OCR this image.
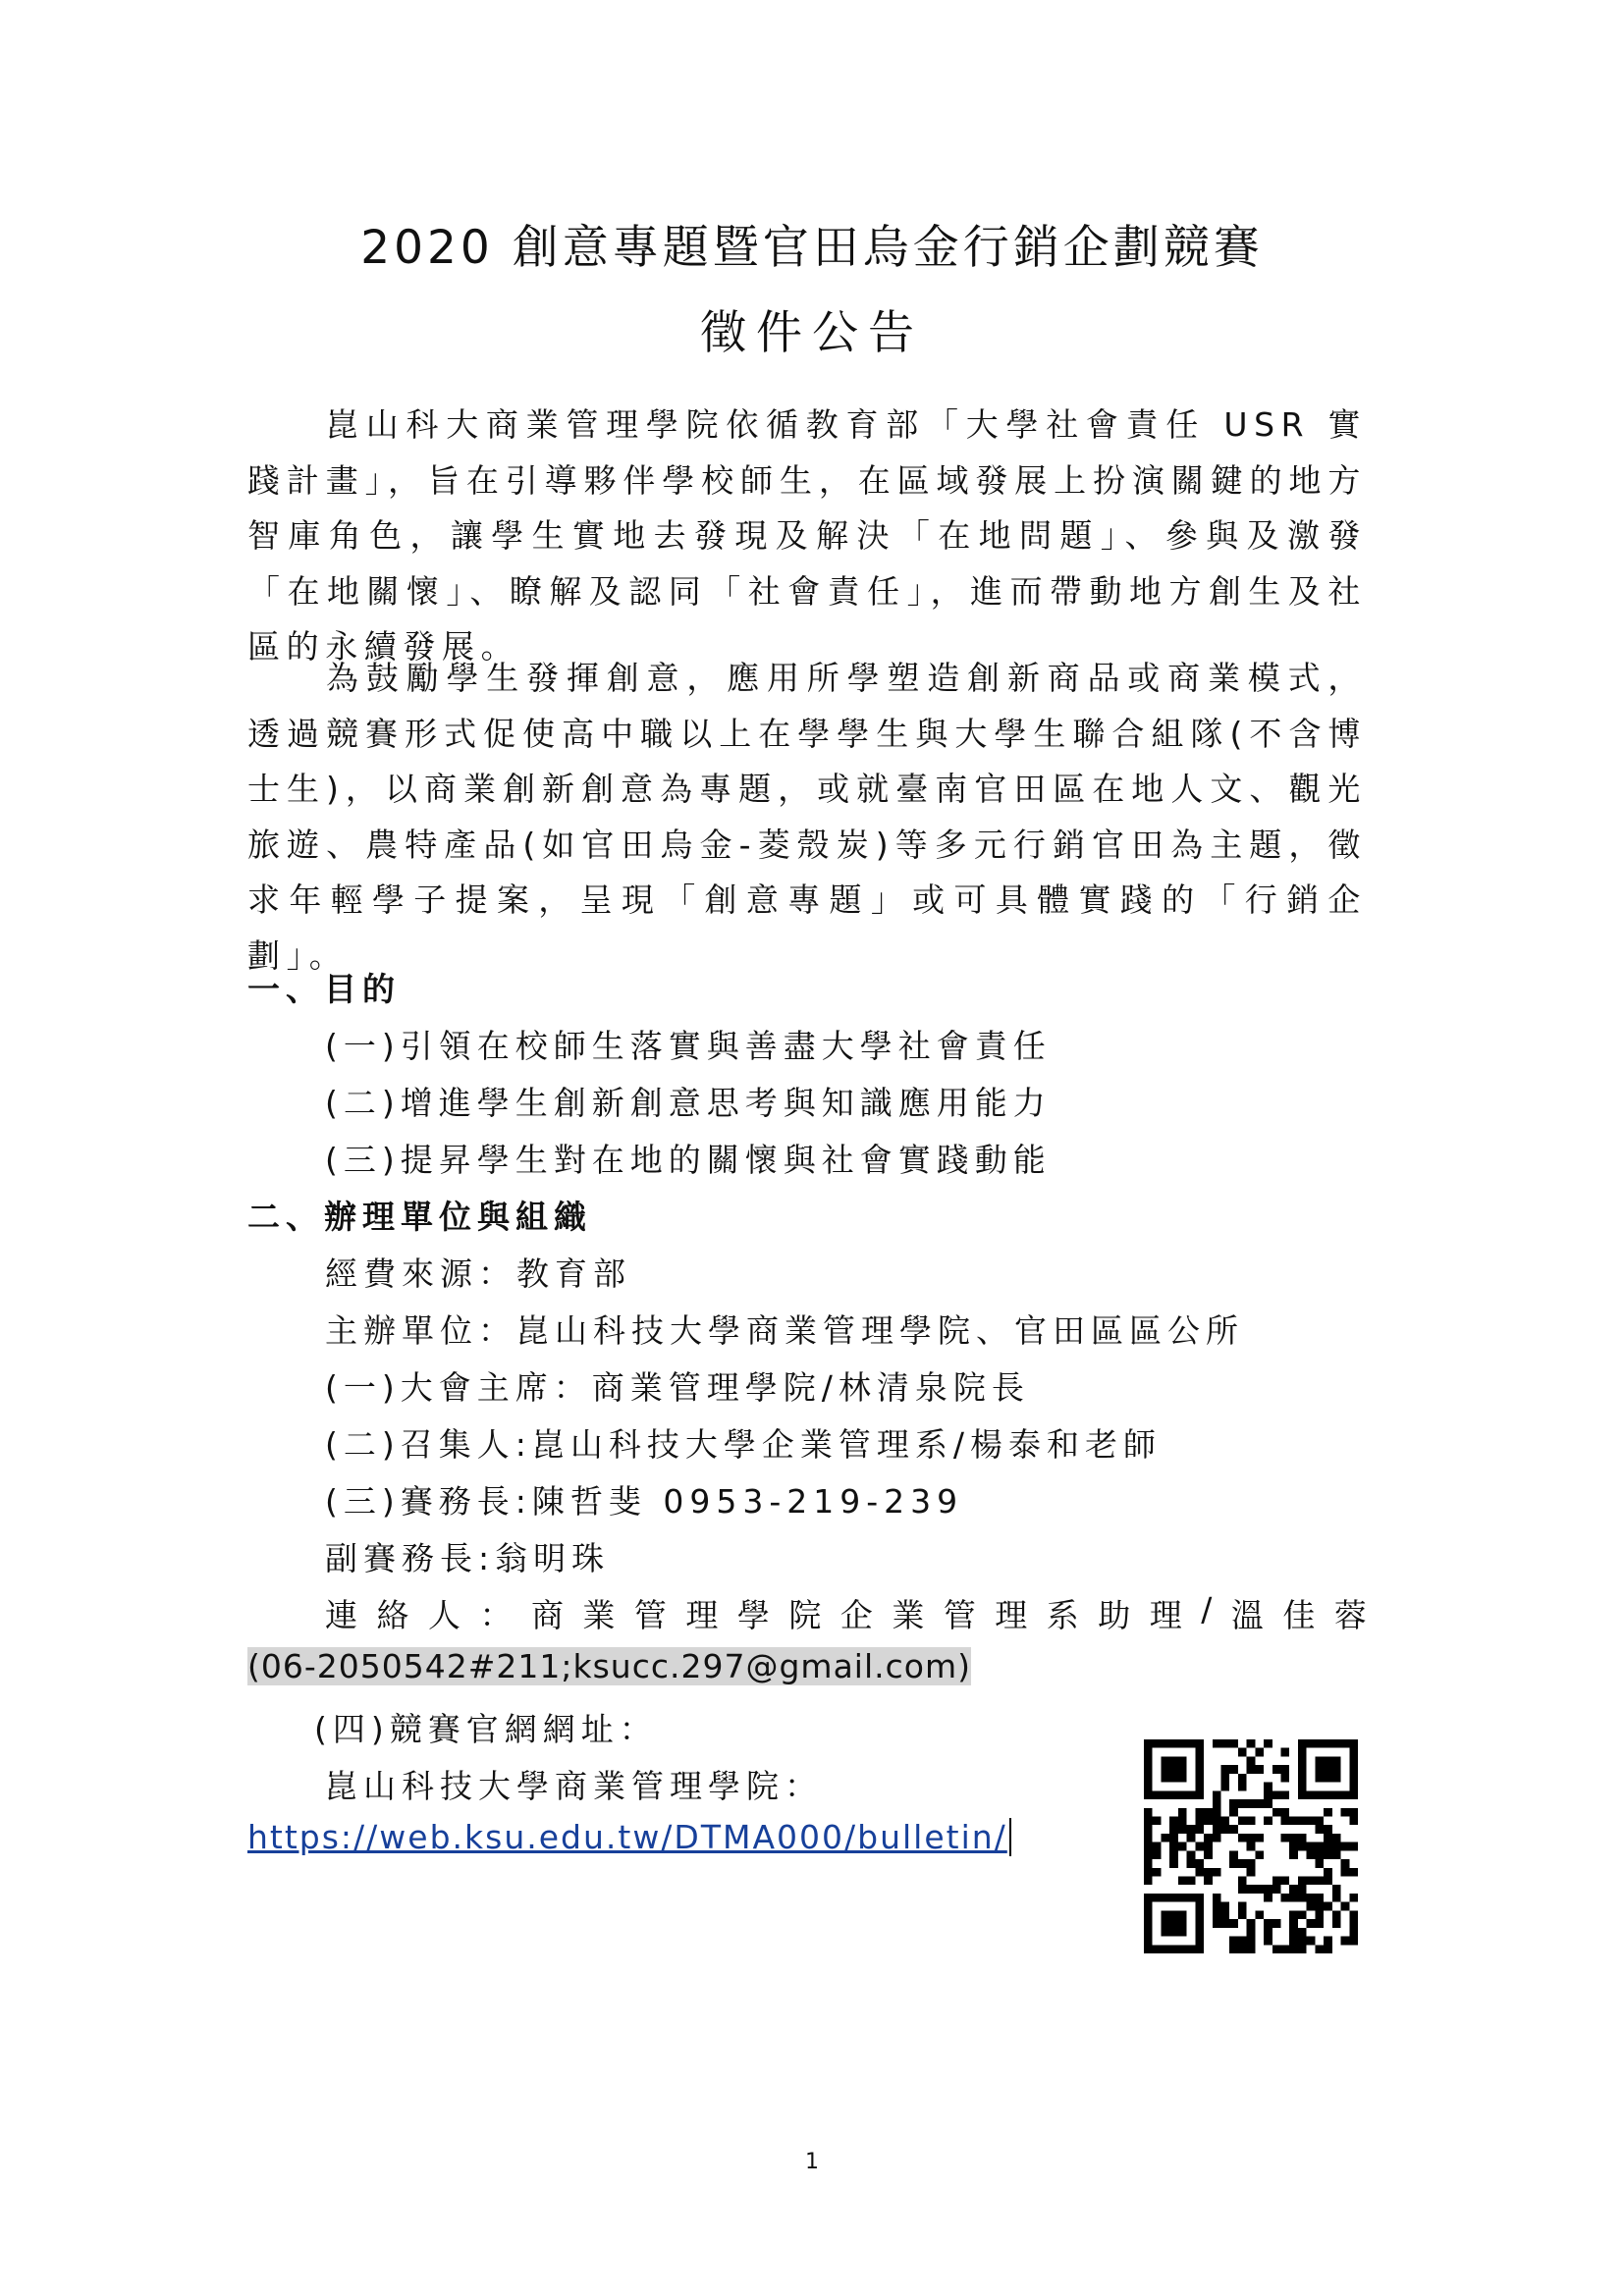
2020 創意專題暨官田烏金行銷企劃競賽
徵件公告
崑山科大商業管理學院依循教育部「大學社會責任 USR 實踐計畫」，旨在引導夥伴學校師生，在區域發展上扮演關鍵的地方智庫角色，讓學生實地去發現及解決「在地問題」、參與及激發「在地關懷」、瞭解及認同「社會責任」，進而帶動地方創生及社區的永續發展。
為鼓勵學生發揮創意，應用所學塑造創新商品或商業模式，透過競賽形式促使高中職以上在學學生與大學生聯合組隊(不含博士生)，以商業創新創意為專題，或就臺南官田區在地人文、觀光旅遊、農特產品(如官田烏金-菱殼炭)等多元行銷官田為主題，徵求年輕學子提案，呈現「創意專題」或可具體實踐的「行銷企劃」。
一、目的
(一)引領在校師生落實與善盡大學社會責任
(二)增進學生創新創意思考與知識應用能力
(三)提昇學生對在地的關懷與社會實踐動能
二、辦理單位與組織
經費來源：教育部
主辦單位：崑山科技大學商業管理學院、官田區區公所
(一)大會主席：商業管理學院/林清泉院長
(二)召集人:崑山科技大學企業管理系/楊泰和老師
(三)賽務長:陳哲斐 0953-219-239
副賽務長:翁明珠
連 絡 人 ： 商 業 管 理 學 院 企 業 管 理 系 助 理 / 溫 佳 蓉
(06-2050542#211;ksucc.297@gmail.com)
(四)競賽官網網址：
崑山科技大學商業管理學院：
https://web.ksu.edu.tw/DTMA000/bulletin/
1
